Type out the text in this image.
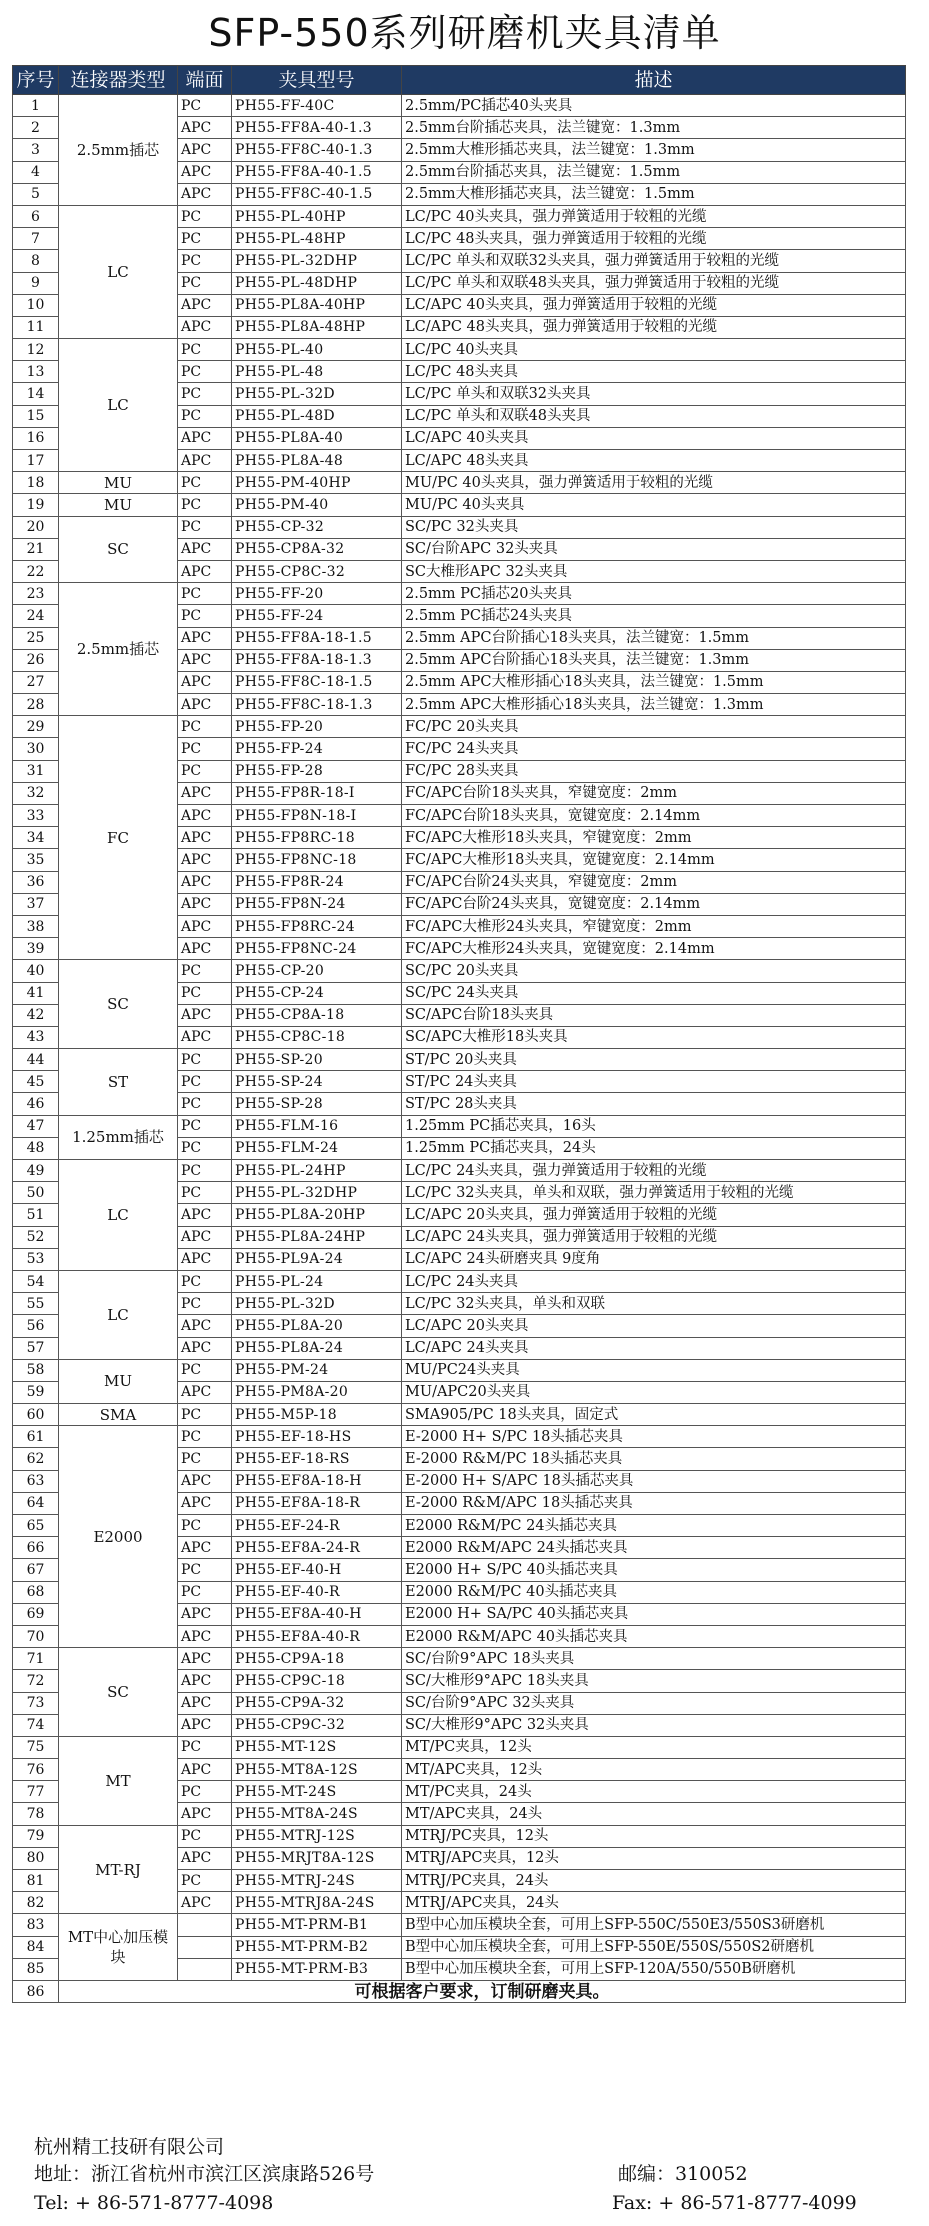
SFP-550系列研磨机夹具清单
序号	连接器类型	端面	夹具型号	描述
1	2.5mm插芯	PC	PH55-FF-40C	2.5mm/PC插芯40头夹具
2		APC	PH55-FF8A-40-1.3	2.5mm台阶插芯夹具，法兰键宽：1.3mm
3		APC	PH55-FF8C-40-1.3	2.5mm大椎形插芯夹具，法兰键宽：1.3mm
4		APC	PH55-FF8A-40-1.5	2.5mm台阶插芯夹具，法兰键宽：1.5mm
5		APC	PH55-FF8C-40-1.5	2.5mm大椎形插芯夹具，法兰键宽：1.5mm
6	LC	PC	PH55-PL-40HP	LC/PC 40头夹具，强力弹簧适用于较粗的光缆
7		PC	PH55-PL-48HP	LC/PC 48头夹具，强力弹簧适用于较粗的光缆
8		PC	PH55-PL-32DHP	LC/PC 单头和双联32头夹具，强力弹簧适用于较粗的光缆
9		PC	PH55-PL-48DHP	LC/PC 单头和双联48头夹具，强力弹簧适用于较粗的光缆
10		APC	PH55-PL8A-40HP	LC/APC 40头夹具，强力弹簧适用于较粗的光缆
11		APC	PH55-PL8A-48HP	LC/APC 48头夹具，强力弹簧适用于较粗的光缆
12	LC	PC	PH55-PL-40	LC/PC 40头夹具
13		PC	PH55-PL-48	LC/PC 48头夹具
14		PC	PH55-PL-32D	LC/PC 单头和双联32头夹具
15		PC	PH55-PL-48D	LC/PC 单头和双联48头夹具
16		APC	PH55-PL8A-40	LC/APC 40头夹具
17		APC	PH55-PL8A-48	LC/APC 48头夹具
18	MU	PC	PH55-PM-40HP	MU/PC 40头夹具，强力弹簧适用于较粗的光缆
19	MU	PC	PH55-PM-40	MU/PC 40头夹具
20	SC	PC	PH55-CP-32	SC/PC 32头夹具
21		APC	PH55-CP8A-32	SC/台阶APC 32头夹具
22		APC	PH55-CP8C-32	SC大椎形APC 32头夹具
23	2.5mm插芯	PC	PH55-FF-20	2.5mm PC插芯20头夹具
24		PC	PH55-FF-24	2.5mm PC插芯24头夹具
25		APC	PH55-FF8A-18-1.5	2.5mm APC台阶插心18头夹具，法兰键宽：1.5mm
26		APC	PH55-FF8A-18-1.3	2.5mm APC台阶插心18头夹具，法兰键宽：1.3mm
27		APC	PH55-FF8C-18-1.5	2.5mm APC大椎形插心18头夹具，法兰键宽：1.5mm
28		APC	PH55-FF8C-18-1.3	2.5mm APC大椎形插心18头夹具，法兰键宽：1.3mm
29	FC	PC	PH55-FP-20	FC/PC 20头夹具
30		PC	PH55-FP-24	FC/PC 24头夹具
31		PC	PH55-FP-28	FC/PC 28头夹具
32		APC	PH55-FP8R-18-I	FC/APC台阶18头夹具，窄键宽度：2mm
33		APC	PH55-FP8N-18-I	FC/APC台阶18头夹具，宽键宽度：2.14mm
34		APC	PH55-FP8RC-18	FC/APC大椎形18头夹具，窄键宽度：2mm
35		APC	PH55-FP8NC-18	FC/APC大椎形18头夹具，宽键宽度：2.14mm
36		APC	PH55-FP8R-24	FC/APC台阶24头夹具，窄键宽度：2mm
37		APC	PH55-FP8N-24	FC/APC台阶24头夹具，宽键宽度：2.14mm
38		APC	PH55-FP8RC-24	FC/APC大椎形24头夹具，窄键宽度：2mm
39		APC	PH55-FP8NC-24	FC/APC大椎形24头夹具，宽键宽度：2.14mm
40	SC	PC	PH55-CP-20	SC/PC 20头夹具
41		PC	PH55-CP-24	SC/PC 24头夹具
42		APC	PH55-CP8A-18	SC/APC台阶18头夹具
43		APC	PH55-CP8C-18	SC/APC大椎形18头夹具
44	ST	PC	PH55-SP-20	ST/PC 20头夹具
45		PC	PH55-SP-24	ST/PC 24头夹具
46		PC	PH55-SP-28	ST/PC 28头夹具
47	1.25mm插芯	PC	PH55-FLM-16	1.25mm PC插芯夹具，16头
48		PC	PH55-FLM-24	1.25mm PC插芯夹具，24头
49	LC	PC	PH55-PL-24HP	LC/PC 24头夹具，强力弹簧适用于较粗的光缆
50		PC	PH55-PL-32DHP	LC/PC 32头夹具，单头和双联，强力弹簧适用于较粗的光缆
51		APC	PH55-PL8A-20HP	LC/APC 20头夹具，强力弹簧适用于较粗的光缆
52		APC	PH55-PL8A-24HP	LC/APC 24头夹具，强力弹簧适用于较粗的光缆
53		APC	PH55-PL9A-24	LC/APC 24头研磨夹具 9度角
54	LC	PC	PH55-PL-24	LC/PC 24头夹具
55		PC	PH55-PL-32D	LC/PC 32头夹具，单头和双联
56		APC	PH55-PL8A-20	LC/APC 20头夹具
57		APC	PH55-PL8A-24	LC/APC 24头夹具
58	MU	PC	PH55-PM-24	MU/PC24头夹具
59		APC	PH55-PM8A-20	MU/APC20头夹具
60	SMA	PC	PH55-M5P-18	SMA905/PC 18头夹具，固定式
61	E2000	PC	PH55-EF-18-HS	E-2000 H+ S/PC 18头插芯夹具
62		PC	PH55-EF-18-RS	E-2000 R&M/PC 18头插芯夹具
63		APC	PH55-EF8A-18-H	E-2000 H+ S/APC 18头插芯夹具
64		APC	PH55-EF8A-18-R	E-2000 R&M/APC 18头插芯夹具
65		PC	PH55-EF-24-R	E2000 R&M/PC 24头插芯夹具
66		APC	PH55-EF8A-24-R	E2000 R&M/APC 24头插芯夹具
67		PC	PH55-EF-40-H	E2000 H+ S/PC 40头插芯夹具
68		PC	PH55-EF-40-R	E2000 R&M/PC 40头插芯夹具
69		APC	PH55-EF8A-40-H	E2000 H+ SA/PC 40头插芯夹具
70		APC	PH55-EF8A-40-R	E2000 R&M/APC 40头插芯夹具
71	SC	APC	PH55-CP9A-18	SC/台阶9°APC 18头夹具
72		APC	PH55-CP9C-18	SC/大椎形9°APC 18头夹具
73		APC	PH55-CP9A-32	SC/台阶9°APC 32头夹具
74		APC	PH55-CP9C-32	SC/大椎形9°APC 32头夹具
75	MT	PC	PH55-MT-12S	MT/PC夹具，12头
76		APC	PH55-MT8A-12S	MT/APC夹具，12头
77		PC	PH55-MT-24S	MT/PC夹具，24头
78		APC	PH55-MT8A-24S	MT/APC夹具，24头
79	MT-RJ	PC	PH55-MTRJ-12S	MTRJ/PC夹具，12头
80		APC	PH55-MRJT8A-12S	MTRJ/APC夹具，12头
81		PC	PH55-MTRJ-24S	MTRJ/PC夹具，24头
82		APC	PH55-MTRJ8A-24S	MTRJ/APC夹具，24头
83	MT中心加压模块		PH55-MT-PRM-B1	B型中心加压模块全套，可用上SFP-550C/550E3/550S3研磨机
84			PH55-MT-PRM-B2	B型中心加压模块全套，可用上SFP-550E/550S/550S2研磨机
85			PH55-MT-PRM-B3	B型中心加压模块全套，可用上SFP-120A/550/550B研磨机
86	可根据客户要求，订制研磨夹具。			
杭州精工技研有限公司
地址：浙江省杭州市滨江区滨康路526号
Tel: + 86-571-8777-4098
邮编：310052
Fax: + 86-571-8777-4099
